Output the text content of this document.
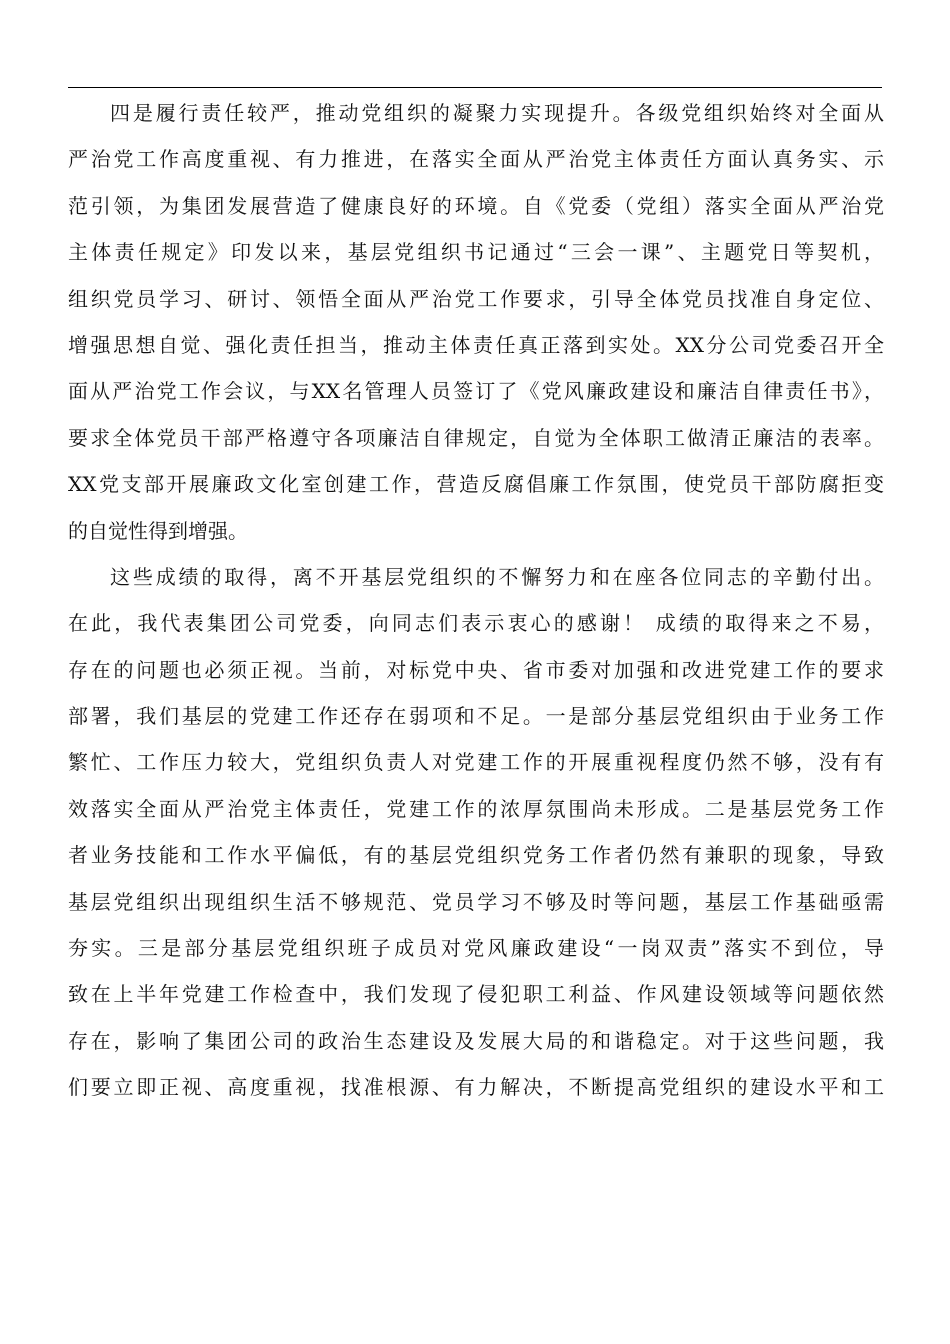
四是履行责任较严，推动党组织的凝聚力实现提升。各级党组织始终对全面从
严治党工作高度重视、有力推进，在落实全面从严治党主体责任方面认真务实、示
范引领，为集团发展营造了健康良好的环境。自《党委（党组）落实全面从严治党
主体责任规定》印发以来，基层党组织书记通过“三会一课”、主题党日等契机，
组织党员学习、研讨、领悟全面从严治党工作要求，引导全体党员找准自身定位、
增强思想自觉、强化责任担当，推动主体责任真正落到实处。XX分公司党委召开全
面从严治党工作会议，与XX名管理人员签订了《党风廉政建设和廉洁自律责任书》，
要求全体党员干部严格遵守各项廉洁自律规定，自觉为全体职工做清正廉洁的表率。
XX党支部开展廉政文化室创建工作，营造反腐倡廉工作氛围，使党员干部防腐拒变
的自觉性得到增强。
这些成绩的取得，离不开基层党组织的不懈努力和在座各位同志的辛勤付出。
在此，我代表集团公司党委，向同志们表示衷心的感谢！ 成绩的取得来之不易，
存在的问题也必须正视。当前，对标党中央、省市委对加强和改进党建工作的要求
部署，我们基层的党建工作还存在弱项和不足。一是部分基层党组织由于业务工作
繁忙、工作压力较大，党组织负责人对党建工作的开展重视程度仍然不够，没有有
效落实全面从严治党主体责任，党建工作的浓厚氛围尚未形成。二是基层党务工作
者业务技能和工作水平偏低，有的基层党组织党务工作者仍然有兼职的现象，导致
基层党组织出现组织生活不够规范、党员学习不够及时等问题，基层工作基础亟需
夯实。三是部分基层党组织班子成员对党风廉政建设“一岗双责”落实不到位，导
致在上半年党建工作检查中，我们发现了侵犯职工利益、作风建设领域等问题依然
存在，影响了集团公司的政治生态建设及发展大局的和谐稳定。对于这些问题，我
们要立即正视、高度重视，找准根源、有力解决，不断提高党组织的建设水平和工
